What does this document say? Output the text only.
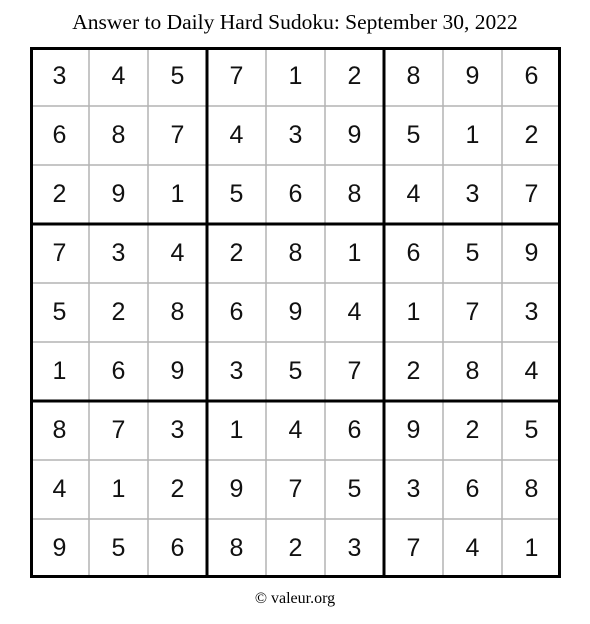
Answer to Daily Hard Sudoku: September 30, 2022
3	4	5	7	1	2	8	9	6
6	8	7	4	3	9	5	1	2
2	9	1	5	6	8	4	3	7
7	3	4	2	8	1	6	5	9
5	2	8	6	9	4	1	7	3
1	6	9	3	5	7	2	8	4
8	7	3	1	4	6	9	2	5
4	1	2	9	7	5	3	6	8
9	5	6	8	2	3	7	4	1
© valeur.org
